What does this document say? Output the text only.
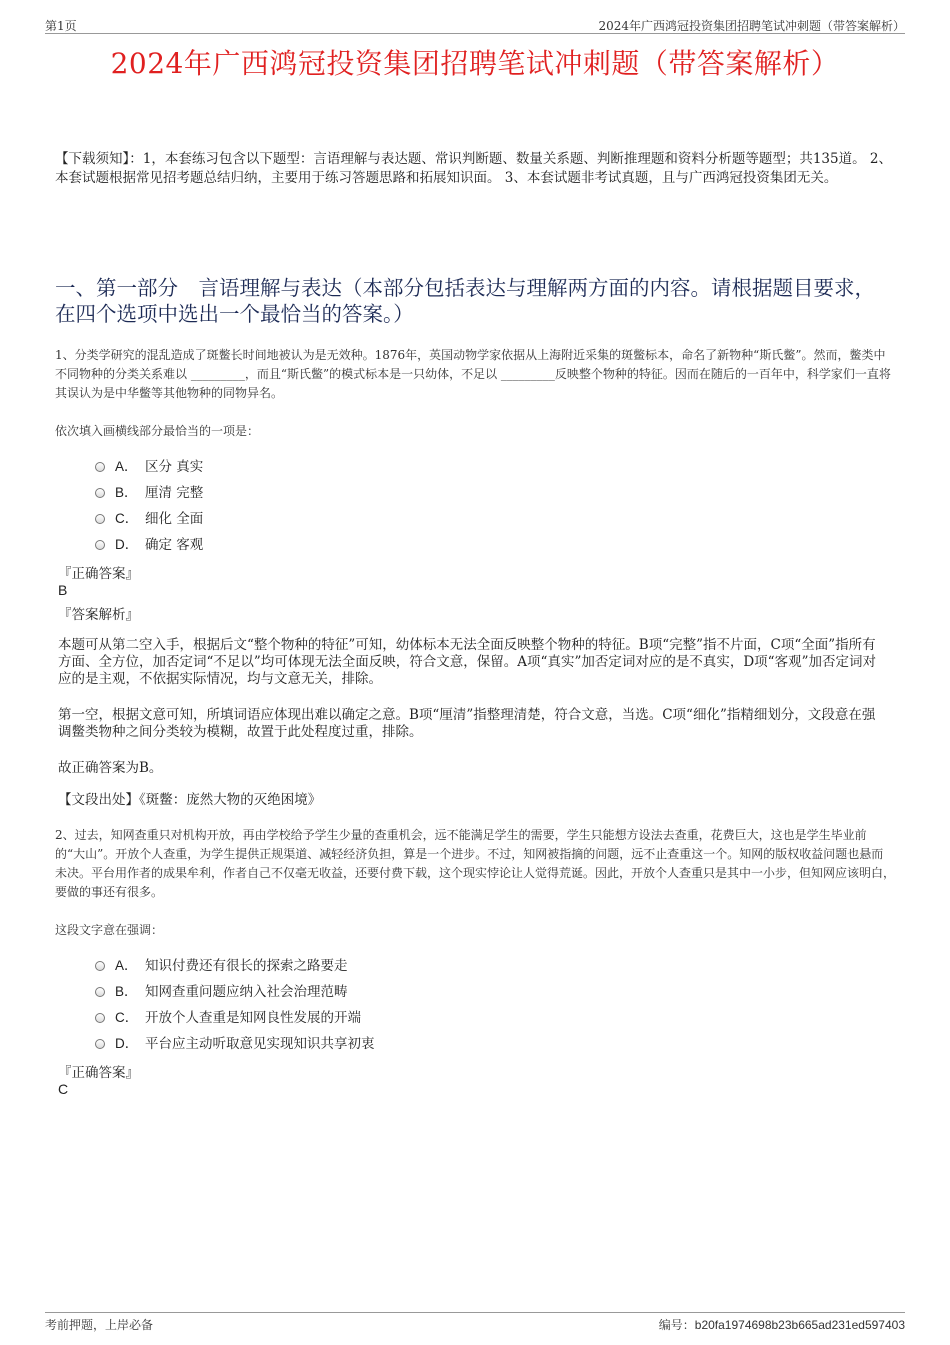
第1页	2024年广西鸿冠投资集团招聘笔试冲刺题（带答案解析）
2024年广西鸿冠投资集团招聘笔试冲刺题（带答案解析）
【下载须知】：1，本套练习包含以下题型：言语理解与表达题、常识判断题、数量关系题、判断推理题和资料分析题等题型；共135道。 2、本套试题根据常见招考题总结归纳，主要用于练习答题思路和拓展知识面。 3、本套试题非考试真题，且与广西鸿冠投资集团无关。
一、第一部分　言语理解与表达（本部分包括表达与理解两方面的内容。请根据题目要求，在四个选项中选出一个最恰当的答案。）
1、分类学研究的混乱造成了斑鳖长时间地被认为是无效种。1876年，英国动物学家依据从上海附近采集的斑鳖标本，命名了新物种“斯氏鳖”。然而，鳖类中不同物种的分类关系难以 _________，而且“斯氏鳖”的模式标本是一只幼体，不足以 _________反映整个物种的特征。因而在随后的一百年中，科学家们一直将其误认为是中华鳖等其他物种的同物异名。
依次填入画横线部分最恰当的一项是：
A． 区分 真实
B． 厘清 完整
C． 细化 全面
D． 确定 客观
『正确答案』
B
『答案解析』
本题可从第二空入手，根据后文“整个物种的特征”可知，幼体标本无法全面反映整个物种的特征。B项“完整”指不片面，C项“全面”指所有方面、全方位，加否定词“不足以”均可体现无法全面反映，符合文意，保留。A项“真实”加否定词对应的是不真实，D项“客观”加否定词对应的是主观，不依据实际情况，均与文意无关，排除。
第一空，根据文意可知，所填词语应体现出难以确定之意。B项“厘清”指整理清楚，符合文意，当选。C项“细化”指精细划分，文段意在强调鳖类物种之间分类较为模糊，故置于此处程度过重，排除。
故正确答案为B。
【文段出处】《斑鳖：庞然大物的灭绝困境》
2、过去，知网查重只对机构开放，再由学校给予学生少量的查重机会，远不能满足学生的需要，学生只能想方设法去查重，花费巨大，这也是学生毕业前的“大山”。开放个人查重，为学生提供正规渠道、减轻经济负担，算是一个进步。不过，知网被指摘的问题，远不止查重这一个。知网的版权收益问题也悬而未决。平台用作者的成果牟利，作者自己不仅毫无收益，还要付费下载，这个现实悖论让人觉得荒诞。因此，开放个人查重只是其中一小步，但知网应该明白，要做的事还有很多。
这段文字意在强调：
A． 知识付费还有很长的探索之路要走
B． 知网查重问题应纳入社会治理范畴
C． 开放个人查重是知网良性发展的开端
D． 平台应主动听取意见实现知识共享初衷
『正确答案』
C
考前押题，上岸必备	编号：b20fa1974698b23b665ad231ed597403
